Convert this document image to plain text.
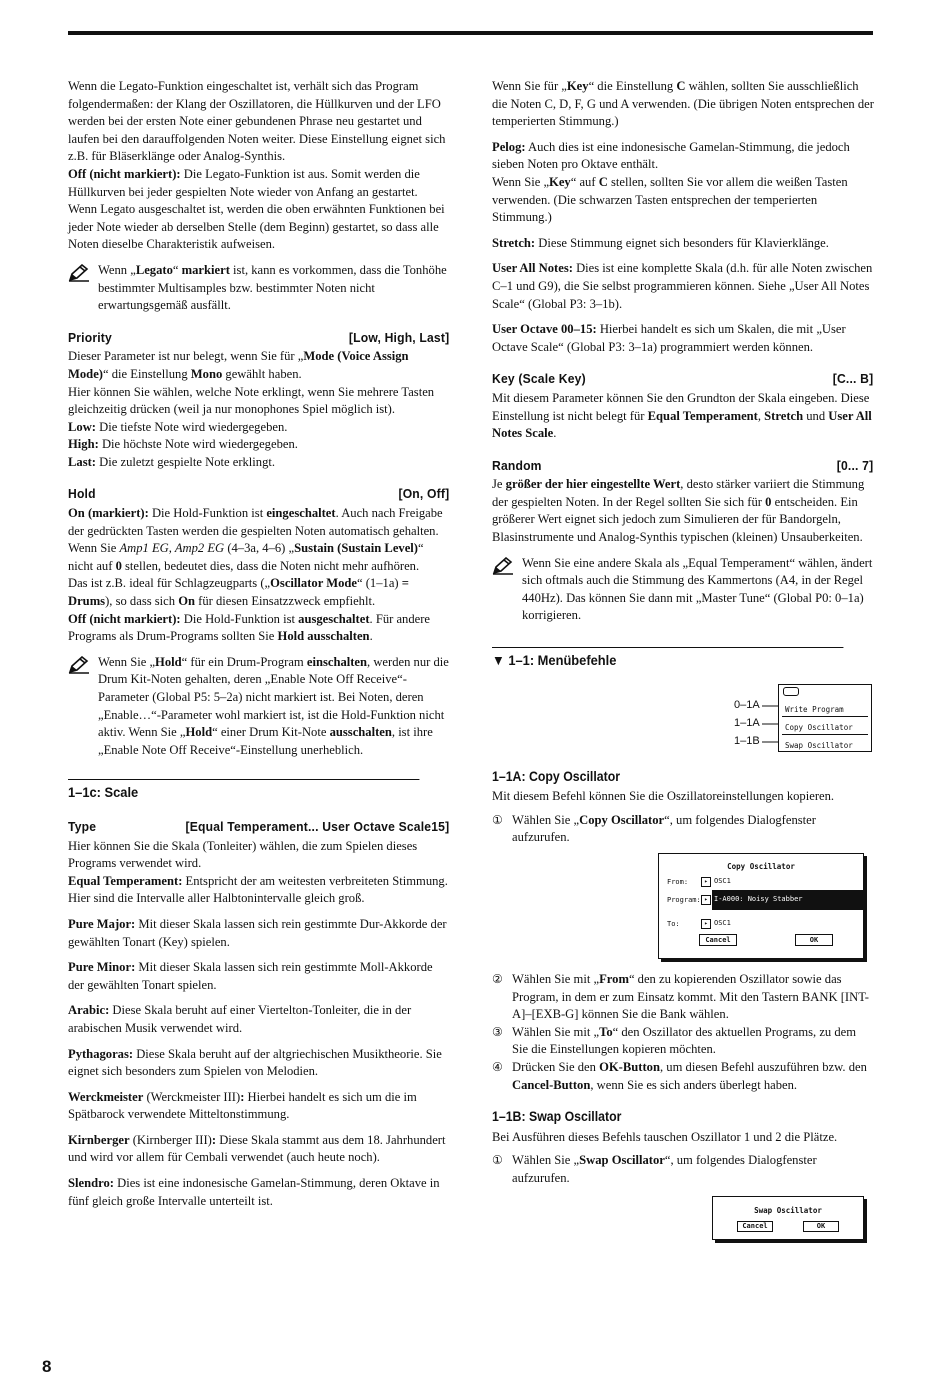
Wenn die Legato-Funktion eingeschaltet ist, verhält sich das Program folgendermaßen: der Klang der Oszillatoren, die Hüllkurven und der LFO werden bei der ersten Note einer gebundenen Phrase neu gestartet und laufen bei den darauffolgenden Noten weiter. Diese Einstellung eignet sich z.B. für Bläserklänge oder Analog-Synthis.

Off (nicht markiert): Die Legato-Funktion ist aus. Somit werden die Hüllkurven bei jeder gespielten Note wieder von Anfang an gestartet.

Wenn Legato ausgeschaltet ist, werden die oben erwähnten Funktionen bei jeder Note wieder ab derselben Stelle (dem Beginn) gestartet, so dass alle Noten dieselbe Charakteristik aufweisen.

Wenn „Legato“ markiert ist, kann es vorkommen, dass die Tonhöhe bestimmter Multisamples bzw. bestimmter Noten nicht erwartungsgemäß ausfällt.
Priority	[Low, High, Last]

Dieser Parameter ist nur belegt, wenn Sie für „Mode (Voice Assign Mode)“ die Einstellung Mono gewählt haben.

Hier können Sie wählen, welche Note erklingt, wenn Sie mehrere Tasten gleichzeitig drücken (weil ja nur monophones Spiel möglich ist).

Low: Die tiefste Note wird wiedergegeben.

High: Die höchste Note wird wiedergegeben.

Last: Die zuletzt gespielte Note erklingt.

Hold	[On, Off]

On (markiert): Die Hold-Funktion ist eingeschaltet. Auch nach Freigabe der gedrückten Tasten werden die gespielten Noten automatisch gehalten. Wenn Sie Amp1 EG, Amp2 EG (4–3a, 4–6) „Sustain (Sustain Level)“ nicht auf 0 stellen, bedeutet dies, dass die Noten nicht mehr aufhören.

Das ist z.B. ideal für Schlagzeugparts („Oscillator Mode“ (1–1a) = Drums), so dass sich On für diesen Einsatzzweck empfiehlt.

Off (nicht markiert): Die Hold-Funktion ist ausgeschaltet. Für andere Programs als Drum-Programs sollten Sie Hold ausschalten.

Wenn Sie „Hold“ für ein Drum-Program einschalten, werden nur die Drum Kit-Noten gehalten, deren „Enable Note Off Receive“-Parameter (Global P5: 5–2a) nicht markiert ist. Bei Noten, deren „Enable…“-Parameter wohl markiert ist, ist die Hold-Funktion nicht aktiv. Wenn Sie „Hold“ einer Drum Kit-Note ausschalten, ist ihre „Enable Note Off Receive“-Einstellung unerheblich.
1–1c: Scale
Type	[Equal Temperament... User Octave Scale15]

Hier können Sie die Skala (Tonleiter) wählen, die zum Spielen dieses Programs verwendet wird.

Equal Temperament: Entspricht der am weitesten verbreiteten Stimmung. Hier sind die Intervalle aller Halbtonintervalle gleich groß.

Pure Major: Mit dieser Skala lassen sich rein gestimmte Dur-Akkorde der gewählten Tonart (Key) spielen.

Pure Minor: Mit dieser Skala lassen sich rein gestimmte Moll-Akkorde der gewählten Tonart spielen.

Arabic: Diese Skala beruht auf einer Viertelton-Tonleiter, die in der arabischen Musik verwendet wird.

Pythagoras: Diese Skala beruht auf der altgriechischen Musiktheorie. Sie eignet sich besonders zum Spielen von Melodien.

Werckmeister (Werckmeister III): Hierbei handelt es sich um die im Spätbarock verwendete Mitteltonstimmung.

Kirnberger (Kirnberger III): Diese Skala stammt aus dem 18. Jahrhundert und wird vor allem für Cembali verwendet (auch heute noch).

Slendro: Dies ist eine indonesische Gamelan-Stimmung, deren Oktave in fünf gleich große Intervalle unterteilt ist.

Wenn Sie für „Key“ die Einstellung C wählen, sollten Sie ausschließlich die Noten C, D, F, G und A verwenden. (Die übrigen Noten entsprechen der temperierten Stimmung.)

Pelog: Auch dies ist eine indonesische Gamelan-Stimmung, die jedoch sieben Noten pro Oktave enthält.

Wenn Sie „Key“ auf C stellen, sollten Sie vor allem die weißen Tasten verwenden. (Die schwarzen Tasten entsprechen der temperierten Stimmung.)

Stretch: Diese Stimmung eignet sich besonders für Klavierklänge.

User All Notes: Dies ist eine komplette Skala (d.h. für alle Noten zwischen C–1 und G9), die Sie selbst programmieren können. Siehe „User All Notes Scale“ (Global P3: 3–1b).

User Octave 00–15: Hierbei handelt es sich um Skalen, die mit „User Octave Scale“ (Global P3: 3–1a) programmiert werden können.

Key (Scale Key)	[C... B]

Mit diesem Parameter können Sie den Grundton der Skala eingeben. Diese Einstellung ist nicht belegt für Equal Temperament, Stretch und User All Notes Scale.

Random	[0... 7]

Je größer der hier eingestellte Wert, desto stärker variiert die Stimmung der gespielten Noten. In der Regel sollten Sie sich für 0 entscheiden. Ein größerer Wert eignet sich jedoch zum Simulieren der für Bandorgeln, Blasinstrumente und Analog-Synthis typischen (kleinen) Unsauberkeiten.

Wenn Sie eine andere Skala als „Equal Temperament“ wählen, ändert sich oftmals auch die Stimmung des Kammertons (A4, in der Regel 440Hz). Das können Sie dann mit „Master Tune“ (Global P0: 0–1a) korrigieren.
▼ 1–1: Menübefehle
0–1A
1–1A
1–1B
Write Program
Copy Oscillator
Swap Oscillator
1–1A: Copy Oscillator

Mit diesem Befehl können Sie die Oszillatoreinstellungen kopieren.

① Wählen Sie „Copy Oscillator“, um folgendes Dialogfenster aufzurufen.
Copy Oscillator
From:	▸ OSC1
Program: ▸ I-A000: Noisy Stabber
To:	▸ OSC1
Cancel	OK
② Wählen Sie mit „From“ den zu kopierenden Oszillator sowie das Program, in dem er zum Einsatz kommt. Mit den Tastern BANK [INT-A]–[EXB-G] können Sie die Bank wählen.
③ Wählen Sie mit „To“ den Oszillator des aktuellen Programs, zu dem Sie die Einstellungen kopieren möchten.
④ Drücken Sie den OK-Button, um diesen Befehl auszuführen bzw. den Cancel-Button, wenn Sie es sich anders überlegt haben.
1–1B: Swap Oscillator

Bei Ausführen dieses Befehls tauschen Oszillator 1 und 2 die Plätze.

① Wählen Sie „Swap Oscillator“, um folgendes Dialogfenster aufzurufen.
Swap Oscillator
Cancel	OK
8
